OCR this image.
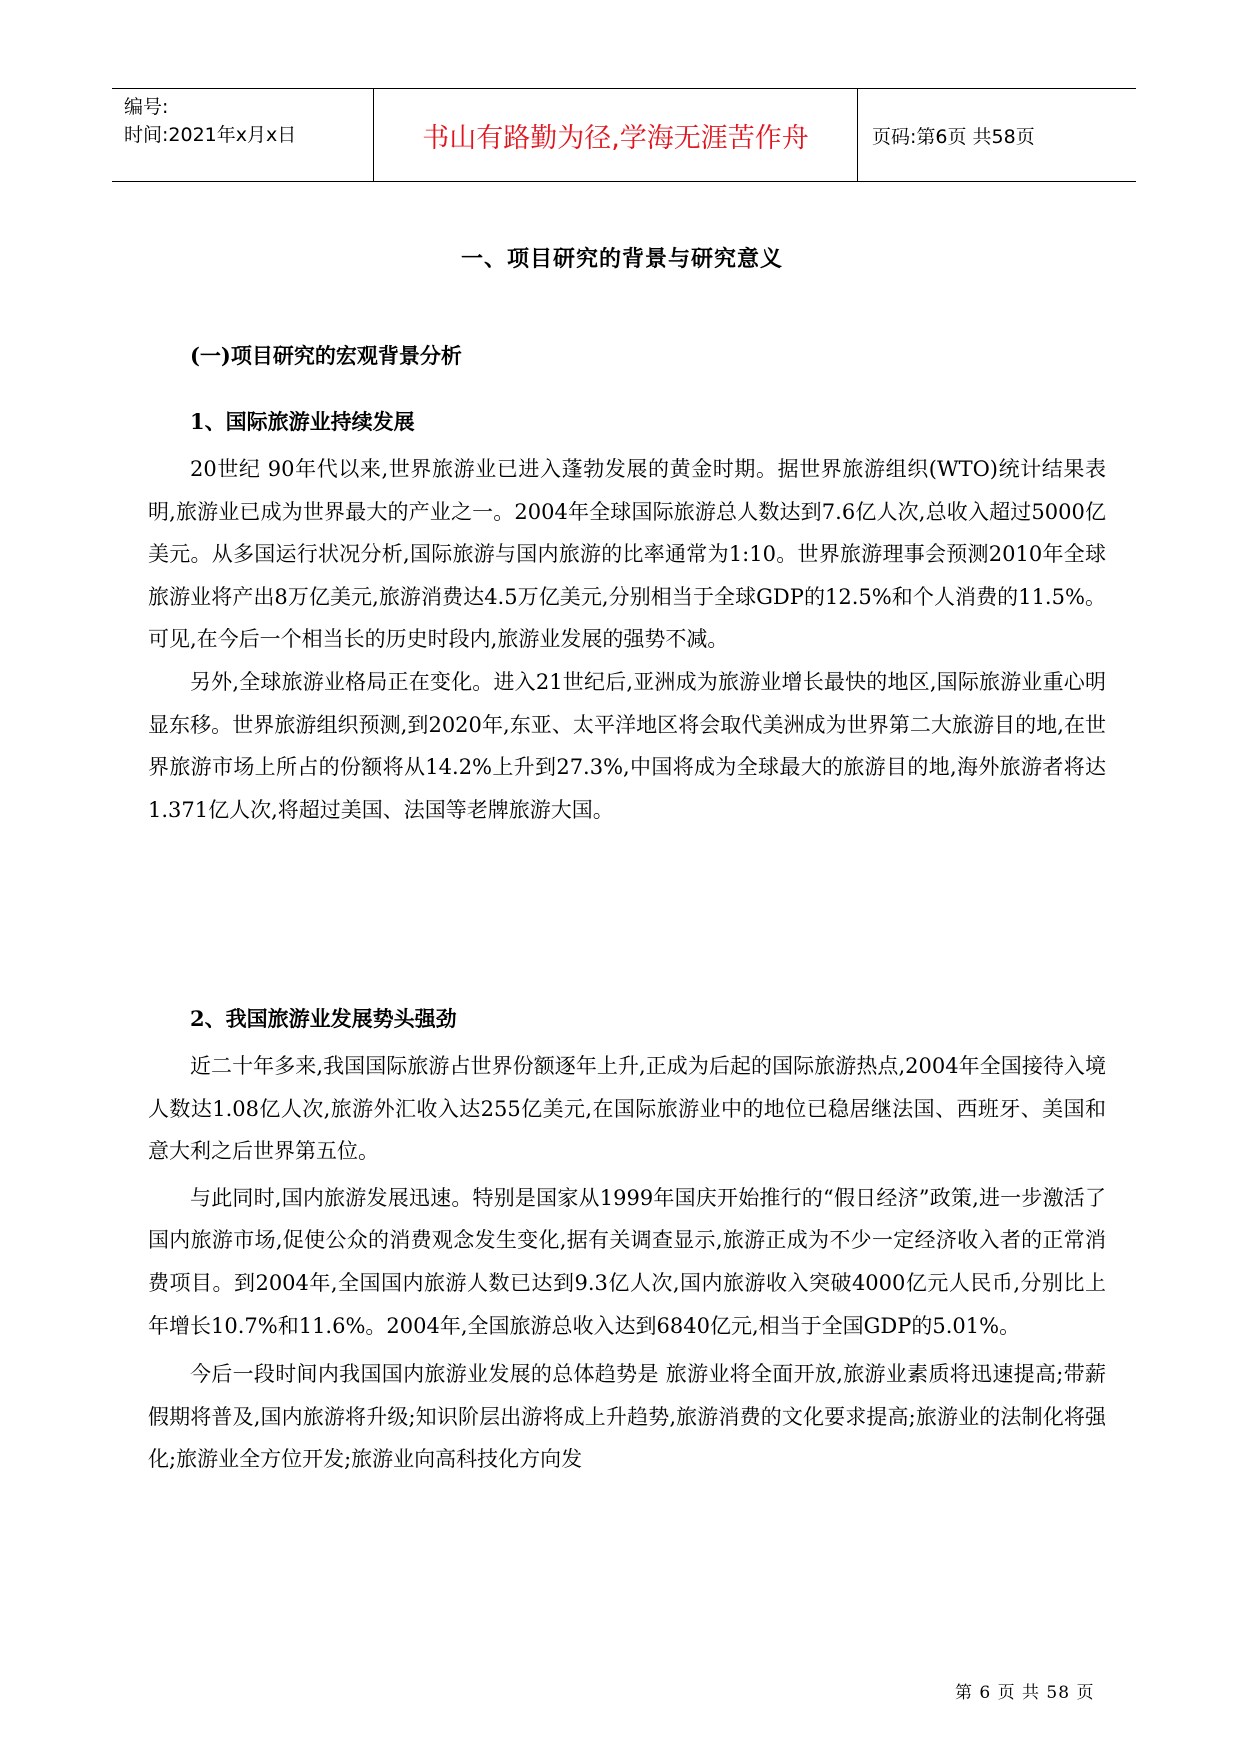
编号:
时间:2021年x月x日	书山有路勤为径,学海无涯苦作舟	页码:第6页 共58页
一、项目研究的背景与研究意义
(一)项目研究的宏观背景分析
1、国际旅游业持续发展

20世纪 90年代以来,世界旅游业已进入蓬勃发展的黄金时期。据世界旅游组织(WTO)统计结果表明,旅游业已成为世界最大的产业之一。2004年全球国际旅游总人数达到7.6亿人次,总收入超过5000亿美元。从多国运行状况分析,国际旅游与国内旅游的比率通常为1:10。世界旅游理事会预测2010年全球旅游业将产出8万亿美元,旅游消费达4.5万亿美元,分别相当于全球GDP的12.5%和个人消费的11.5%。可见,在今后一个相当长的历史时段内,旅游业发展的强势不减。

另外,全球旅游业格局正在变化。进入21世纪后,亚洲成为旅游业增长最快的地区,国际旅游业重心明显东移。世界旅游组织预测,到2020年,东亚、太平洋地区将会取代美洲成为世界第二大旅游目的地,在世界旅游市场上所占的份额将从14.2%上升到27.3%,中国将成为全球最大的旅游目的地,海外旅游者将达1.371亿人次,将超过美国、法国等老牌旅游大国。

2、我国旅游业发展势头强劲

近二十年多来,我国国际旅游占世界份额逐年上升,正成为后起的国际旅游热点,2004年全国接待入境人数达1.08亿人次,旅游外汇收入达255亿美元,在国际旅游业中的地位已稳居继法国、西班牙、美国和意大利之后世界第五位。

与此同时,国内旅游发展迅速。特别是国家从1999年国庆开始推行的“假日经济”政策,进一步激活了国内旅游市场,促使公众的消费观念发生变化,据有关调查显示,旅游正成为不少一定经济收入者的正常消费项目。到2004年,全国国内旅游人数已达到9.3亿人次,国内旅游收入突破4000亿元人民币,分别比上年增长10.7%和11.6%。2004年,全国旅游总收入达到6840亿元,相当于全国GDP的5.01%。

今后一段时间内我国国内旅游业发展的总体趋势是 旅游业将全面开放,旅游业素质将迅速提高;带薪假期将普及,国内旅游将升级;知识阶层出游将成上升趋势,旅游消费的文化要求提高;旅游业的法制化将强化;旅游业全方位开发;旅游业向高科技化方向发

第 6 页 共 58 页
